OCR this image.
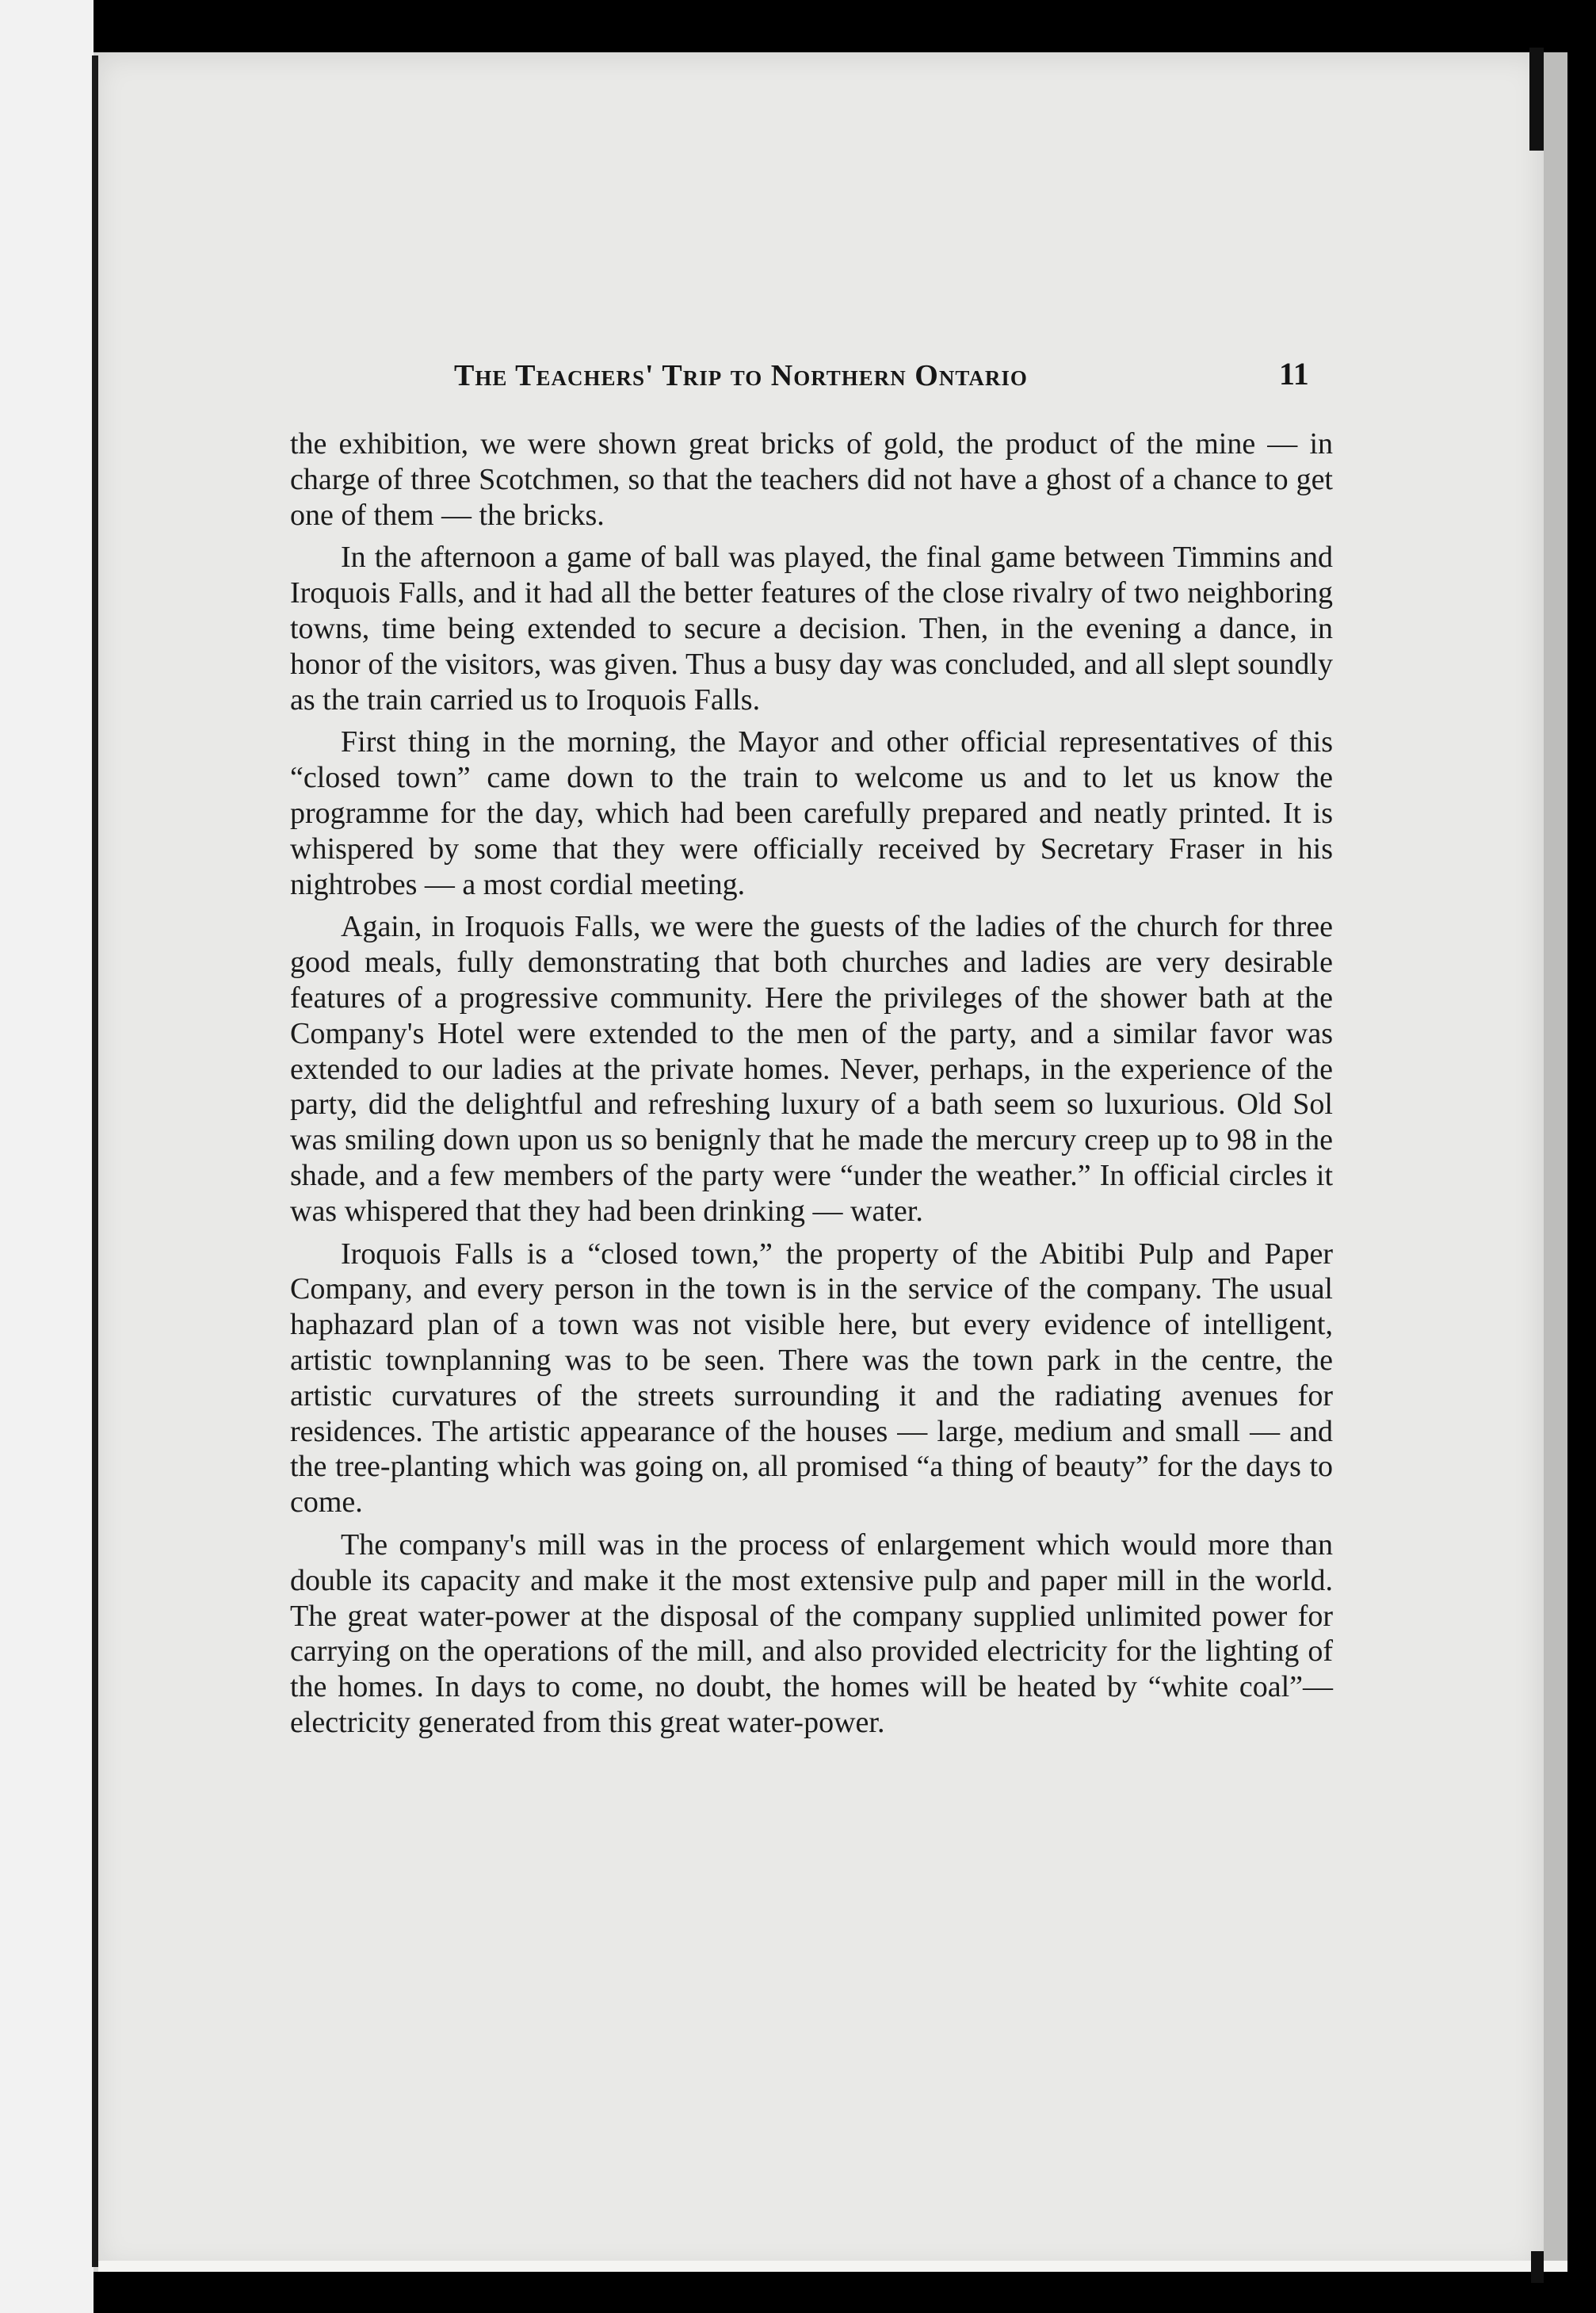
The Teachers' Trip to Northern Ontario	11

the exhibition, we were shown great bricks of gold, the product of the mine — in charge of three Scotchmen, so that the teachers did not have a ghost of a chance to get one of them — the bricks.

In the afternoon a game of ball was played, the final game between Timmins and Iroquois Falls, and it had all the better features of the close rivalry of two neighboring towns, time being extended to secure a decision. Then, in the evening a dance, in honor of the visitors, was given. Thus a busy day was concluded, and all slept soundly as the train carried us to Iroquois Falls.

First thing in the morning, the Mayor and other official representatives of this “closed town” came down to the train to welcome us and to let us know the programme for the day, which had been carefully prepared and neatly printed. It is whispered by some that they were officially received by Secretary Fraser in his nightrobes — a most cordial meeting.

Again, in Iroquois Falls, we were the guests of the ladies of the church for three good meals, fully demonstrating that both churches and ladies are very desirable features of a progressive community. Here the privileges of the shower bath at the Company's Hotel were extended to the men of the party, and a similar favor was extended to our ladies at the private homes. Never, perhaps, in the experience of the party, did the delightful and refreshing luxury of a bath seem so luxurious. Old Sol was smiling down upon us so benignly that he made the mercury creep up to 98 in the shade, and a few members of the party were “under the weather.” In official circles it was whispered that they had been drinking — water.

Iroquois Falls is a “closed town,” the property of the Abitibi Pulp and Paper Company, and every person in the town is in the service of the company. The usual haphazard plan of a town was not visible here, but every evidence of intelligent, artistic townplanning was to be seen. There was the town park in the centre, the artistic curvatures of the streets surrounding it and the radiating avenues for residences. The artistic appearance of the houses — large, medium and small — and the tree-planting which was going on, all promised “a thing of beauty” for the days to come.

The company's mill was in the process of enlargement which would more than double its capacity and make it the most extensive pulp and paper mill in the world. The great water-power at the disposal of the company supplied unlimited power for carrying on the operations of the mill, and also provided electricity for the lighting of the homes. In days to come, no doubt, the homes will be heated by “white coal”— electricity generated from this great water-power.
